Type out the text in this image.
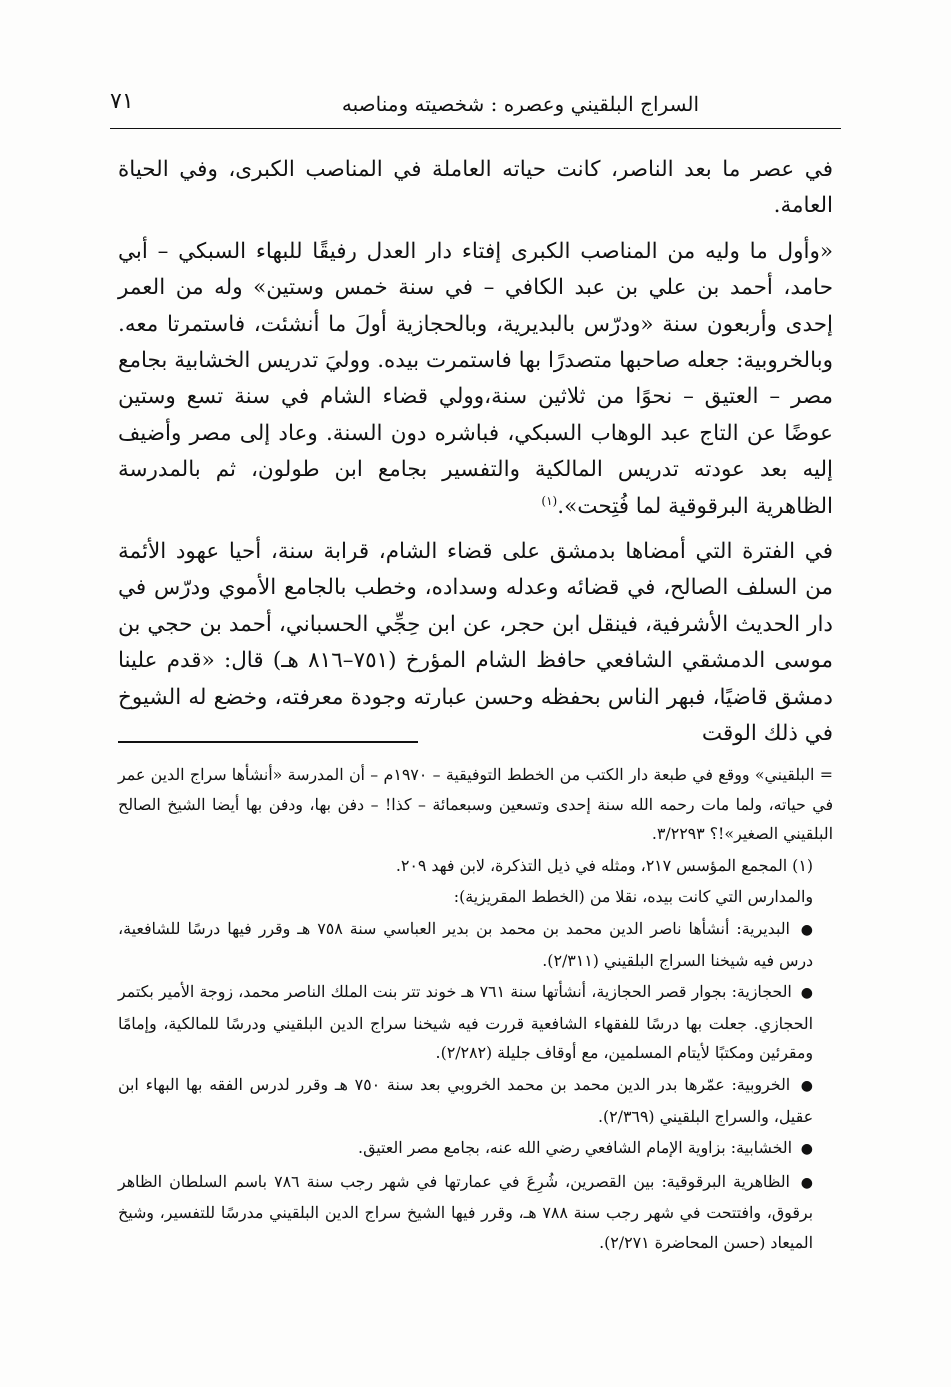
السراج البلقيني وعصره : شخصيته ومناصبه
٧١

في عصر ما بعد الناصر، كانت حياته العاملة في المناصب الكبرى، وفي الحياة العامة.

«وأول ما وليه من المناصب الكبرى إفتاء دار العدل رفيقًا للبهاء السبكي – أبي حامد، أحمد بن علي بن عبد الكافي – في سنة خمس وستين» وله من العمر إحدى وأربعون سنة «ودرّس بالبديرية، وبالحجازية أولَ ما أنشئت، فاستمرتا معه. وبالخروبية: جعله صاحبها متصدرًا بها فاستمرت بيده. ووليَ تدريس الخشابية بجامع مصر – العتيق – نحوًا من ثلاثين سنة،وولي قضاء الشام في سنة تسع وستين عوضًا عن التاج عبد الوهاب السبكي، فباشره دون السنة. وعاد إلى مصر وأضيف إليه بعد عودته تدريس المالكية والتفسير بجامع ابن طولون، ثم بالمدرسة الظاهرية البرقوقية لما فُتِحت».$^{(١)}$

في الفترة التي أمضاها بدمشق على قضاء الشام، قرابة سنة، أحيا عهود الأئمة من السلف الصالح، في قضائه وعدله وسداده، وخطب بالجامع الأموي ودرّس في دار الحديث الأشرفية، فينقل ابن حجر، عن ابن حِجِّي الحسباني، أحمد بن حجي بن موسى الدمشقي الشافعي حافظ الشام المؤرخ (٧٥١–٨١٦ هـ) قال: «قدم علينا دمشق قاضيًا، فبهر الناس بحفظه وحسن عبارته وجودة معرفته، وخضع له الشيوخ في ذلك الوقت

= البلقيني» ووقع في طبعة دار الكتب من الخطط التوفيقية – ١٩٧٠م – أن المدرسة «أنشأها سراج الدين عمر في حياته، ولما مات رحمه الله سنة إحدى وتسعين وسبعمائة – كذا! – دفن بها، ودفن بها أيضا الشيخ الصالح البلقيني الصغير»!؟ ٣/٢٢٩٣.

(١) المجمع المؤسس ٢١٧، ومثله في ذيل التذكرة، لابن فهد ٢٠٩.

والمدارس التي كانت بيده، نقلا من (الخطط المقريزية):

● البديرية: أنشأها ناصر الدين محمد بن محمد بن بدير العباسي سنة ٧٥٨ هـ وقرر فيها درسًا للشافعية، درس فيه شيخنا السراج البلقيني (٢/٣١١).

● الحجازية: بجوار قصر الحجازية، أنشأتها سنة ٧٦١ هـ خوند تتر بنت الملك الناصر محمد، زوجة الأمير بكتمر الحجازي. جعلت بها درسًا للفقهاء الشافعية قررت فيه شيخنا سراج الدين البلقيني ودرسًا للمالكية، وإمامًا ومقرئين ومكتبًا لأيتام المسلمين، مع أوقاف جليلة (٢/٢٨٢).

● الخروبية: عمّرها بدر الدين محمد بن محمد الخروبي بعد سنة ٧٥٠ هـ وقرر لدرس الفقه بها البهاء ابن عقيل، والسراج البلقيني (٢/٣٦٩).

● الخشابية: بزاوية الإمام الشافعي رضي الله عنه، بجامع مصر العتيق.

● الظاهرية البرقوقية: بين القصرين، شُرِعَ في عمارتها في شهر رجب سنة ٧٨٦ باسم السلطان الظاهر برقوق، وافتتحت في شهر رجب سنة ٧٨٨ هـ، وقرر فيها الشيخ سراج الدين البلقيني مدرسًا للتفسير، وشيخ الميعاد (حسن المحاضرة ٢/٢٧١).
